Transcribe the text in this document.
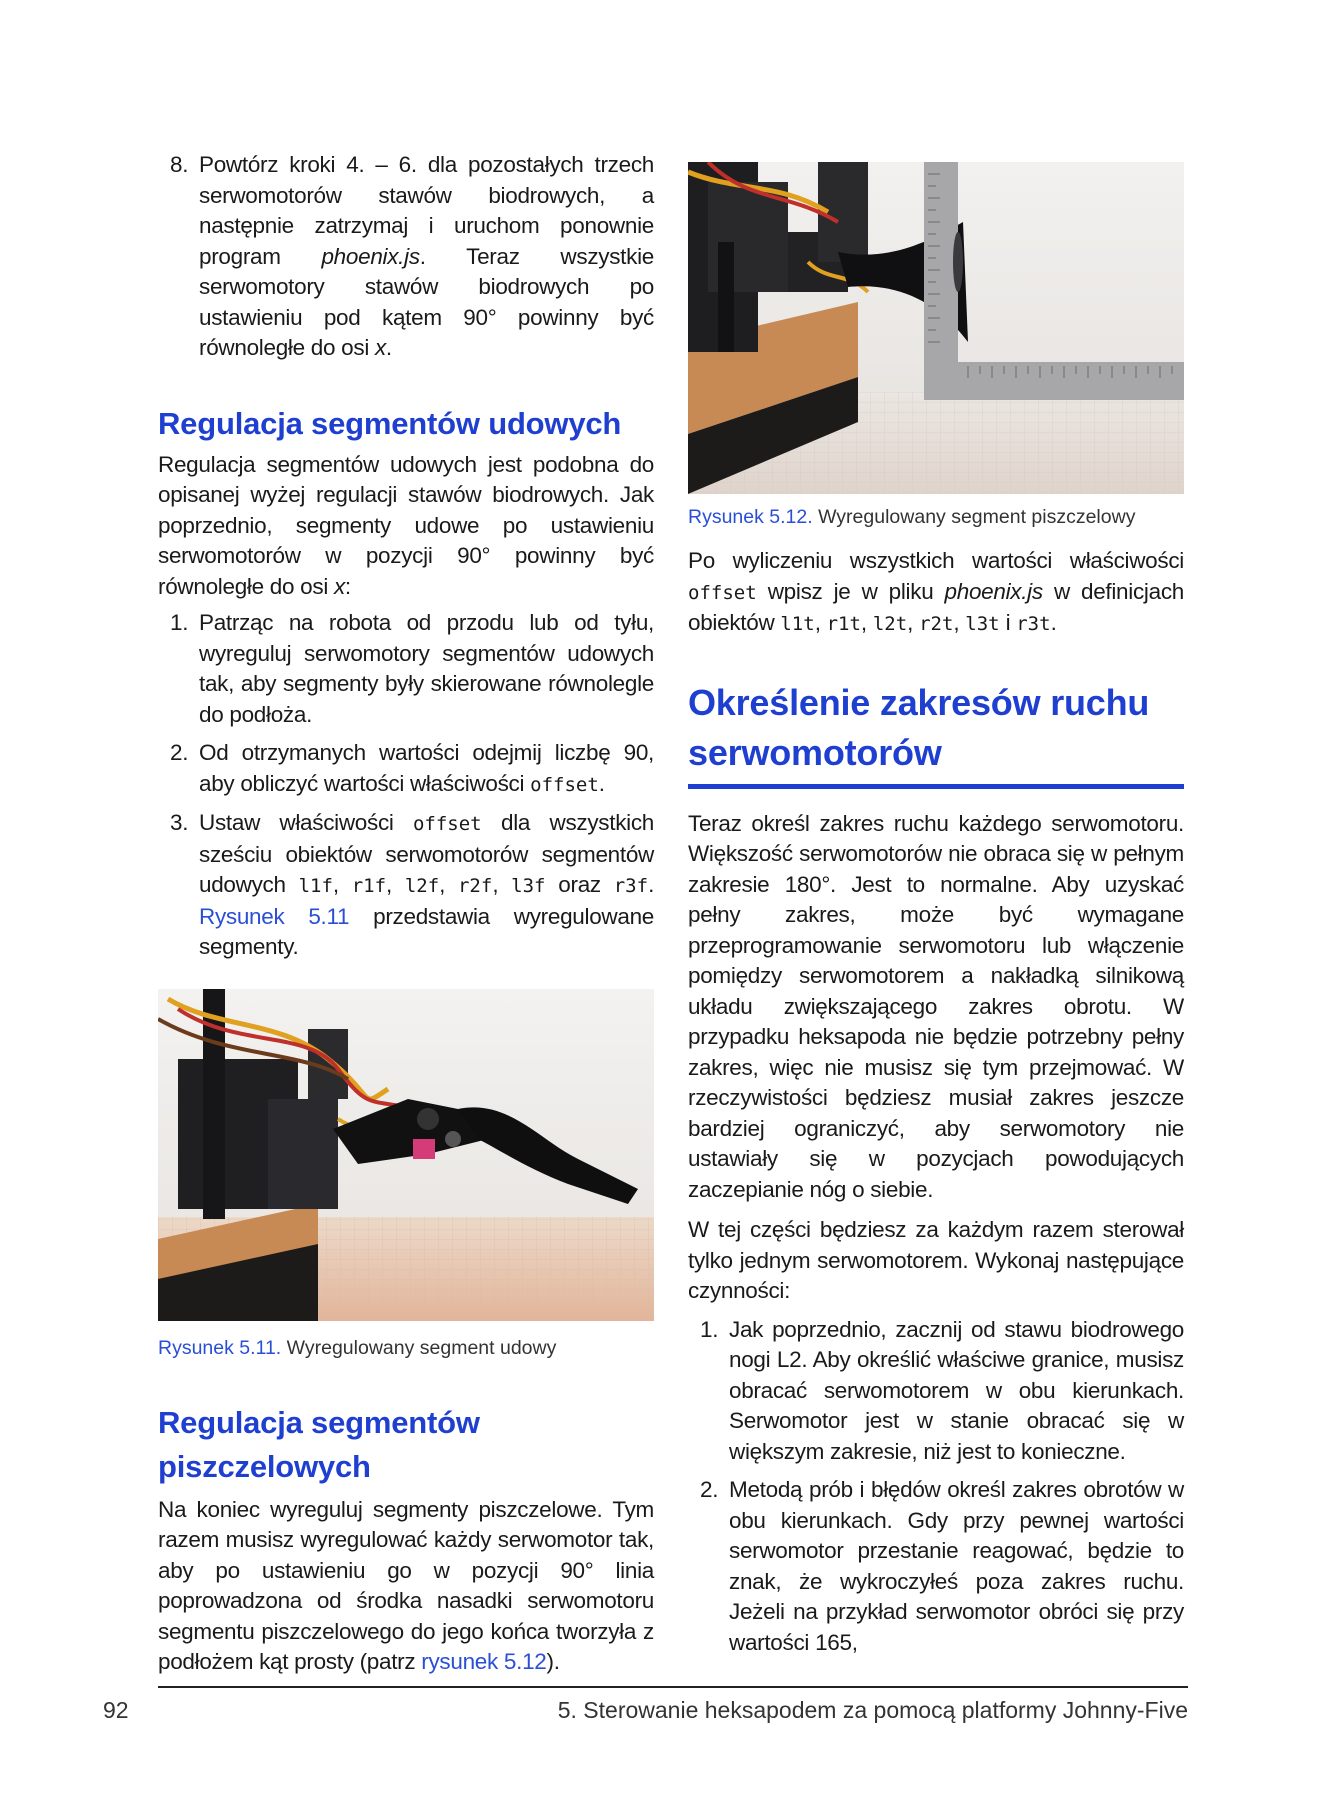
8. Powtórz kroki 4. – 6. dla pozostałych trzech serwomotorów stawów biodrowych, a następnie zatrzymaj i uruchom ponownie program phoenix.js. Teraz wszystkie serwomotory stawów biodrowych po ustawieniu pod kątem 90° powinny być równoległe do osi x.
Regulacja segmentów udowych

Regulacja segmentów udowych jest podobna do opisanej wyżej regulacji stawów biodrowych. Jak poprzednio, segmenty udowe po ustawieniu serwomotorów w pozycji 90° powinny być równoległe do osi x:

1. Patrząc na robota od przodu lub od tyłu, wyreguluj serwomotory segmentów udowych tak, aby segmenty były skierowane równolegle do podłoża.
2. Od otrzymanych wartości odejmij liczbę 90, aby obliczyć wartości właściwości offset.
3. Ustaw właściwości offset dla wszystkich sześciu obiektów serwomotorów segmentów udowych l1f, r1f, l2f, r2f, l3f oraz r3f. Rysunek 5.11 przedstawia wyregulowane segmenty.

Rysunek 5.11. Wyregulowany segment udowy

Regulacja segmentów piszczelowych

Na koniec wyreguluj segmenty piszczelowe. Tym razem musisz wyregulować każdy serwomotor tak, aby po ustawieniu go w pozycji 90° linia poprowadzona od środka nasadki serwomotoru segmentu piszczelowego do jego końca tworzyła z podłożem kąt prosty (patrz rysunek 5.12).

Rysunek 5.12. Wyregulowany segment piszczelowy

Po wyliczeniu wszystkich wartości właściwości offset wpisz je w pliku phoenix.js w definicjach obiektów l1t, r1t, l2t, r2t, l3t i r3t.

Określenie zakresów ruchu serwomotorów

Teraz określ zakres ruchu każdego serwomotoru. Większość serwomotorów nie obraca się w pełnym zakresie 180°. Jest to normalne. Aby uzyskać pełny zakres, może być wymagane przeprogramowanie serwomotoru lub włączenie pomiędzy serwomotorem a nakładką silnikową układu zwiększającego zakres obrotu. W przypadku heksapoda nie będzie potrzebny pełny zakres, więc nie musisz się tym przejmować. W rzeczywistości będziesz musiał zakres jeszcze bardziej ograniczyć, aby serwomotory nie ustawiały się w pozycjach powodujących zaczepianie nóg o siebie.

W tej części będziesz za każdym razem sterował tylko jednym serwomotorem. Wykonaj następujące czynności:

1. Jak poprzednio, zacznij od stawu biodrowego nogi L2. Aby określić właściwe granice, musisz obracać serwomotorem w obu kierunkach. Serwomotor jest w stanie obracać się w większym zakresie, niż jest to konieczne.
2. Metodą prób i błędów określ zakres obrotów w obu kierunkach. Gdy przy pewnej wartości serwomotor przestanie reagować, będzie to znak, że wykroczyłeś poza zakres ruchu. Jeżeli na przykład serwomotor obróci się przy wartości 165,
92	5. Sterowanie heksapodem za pomocą platformy Johnny-Five
